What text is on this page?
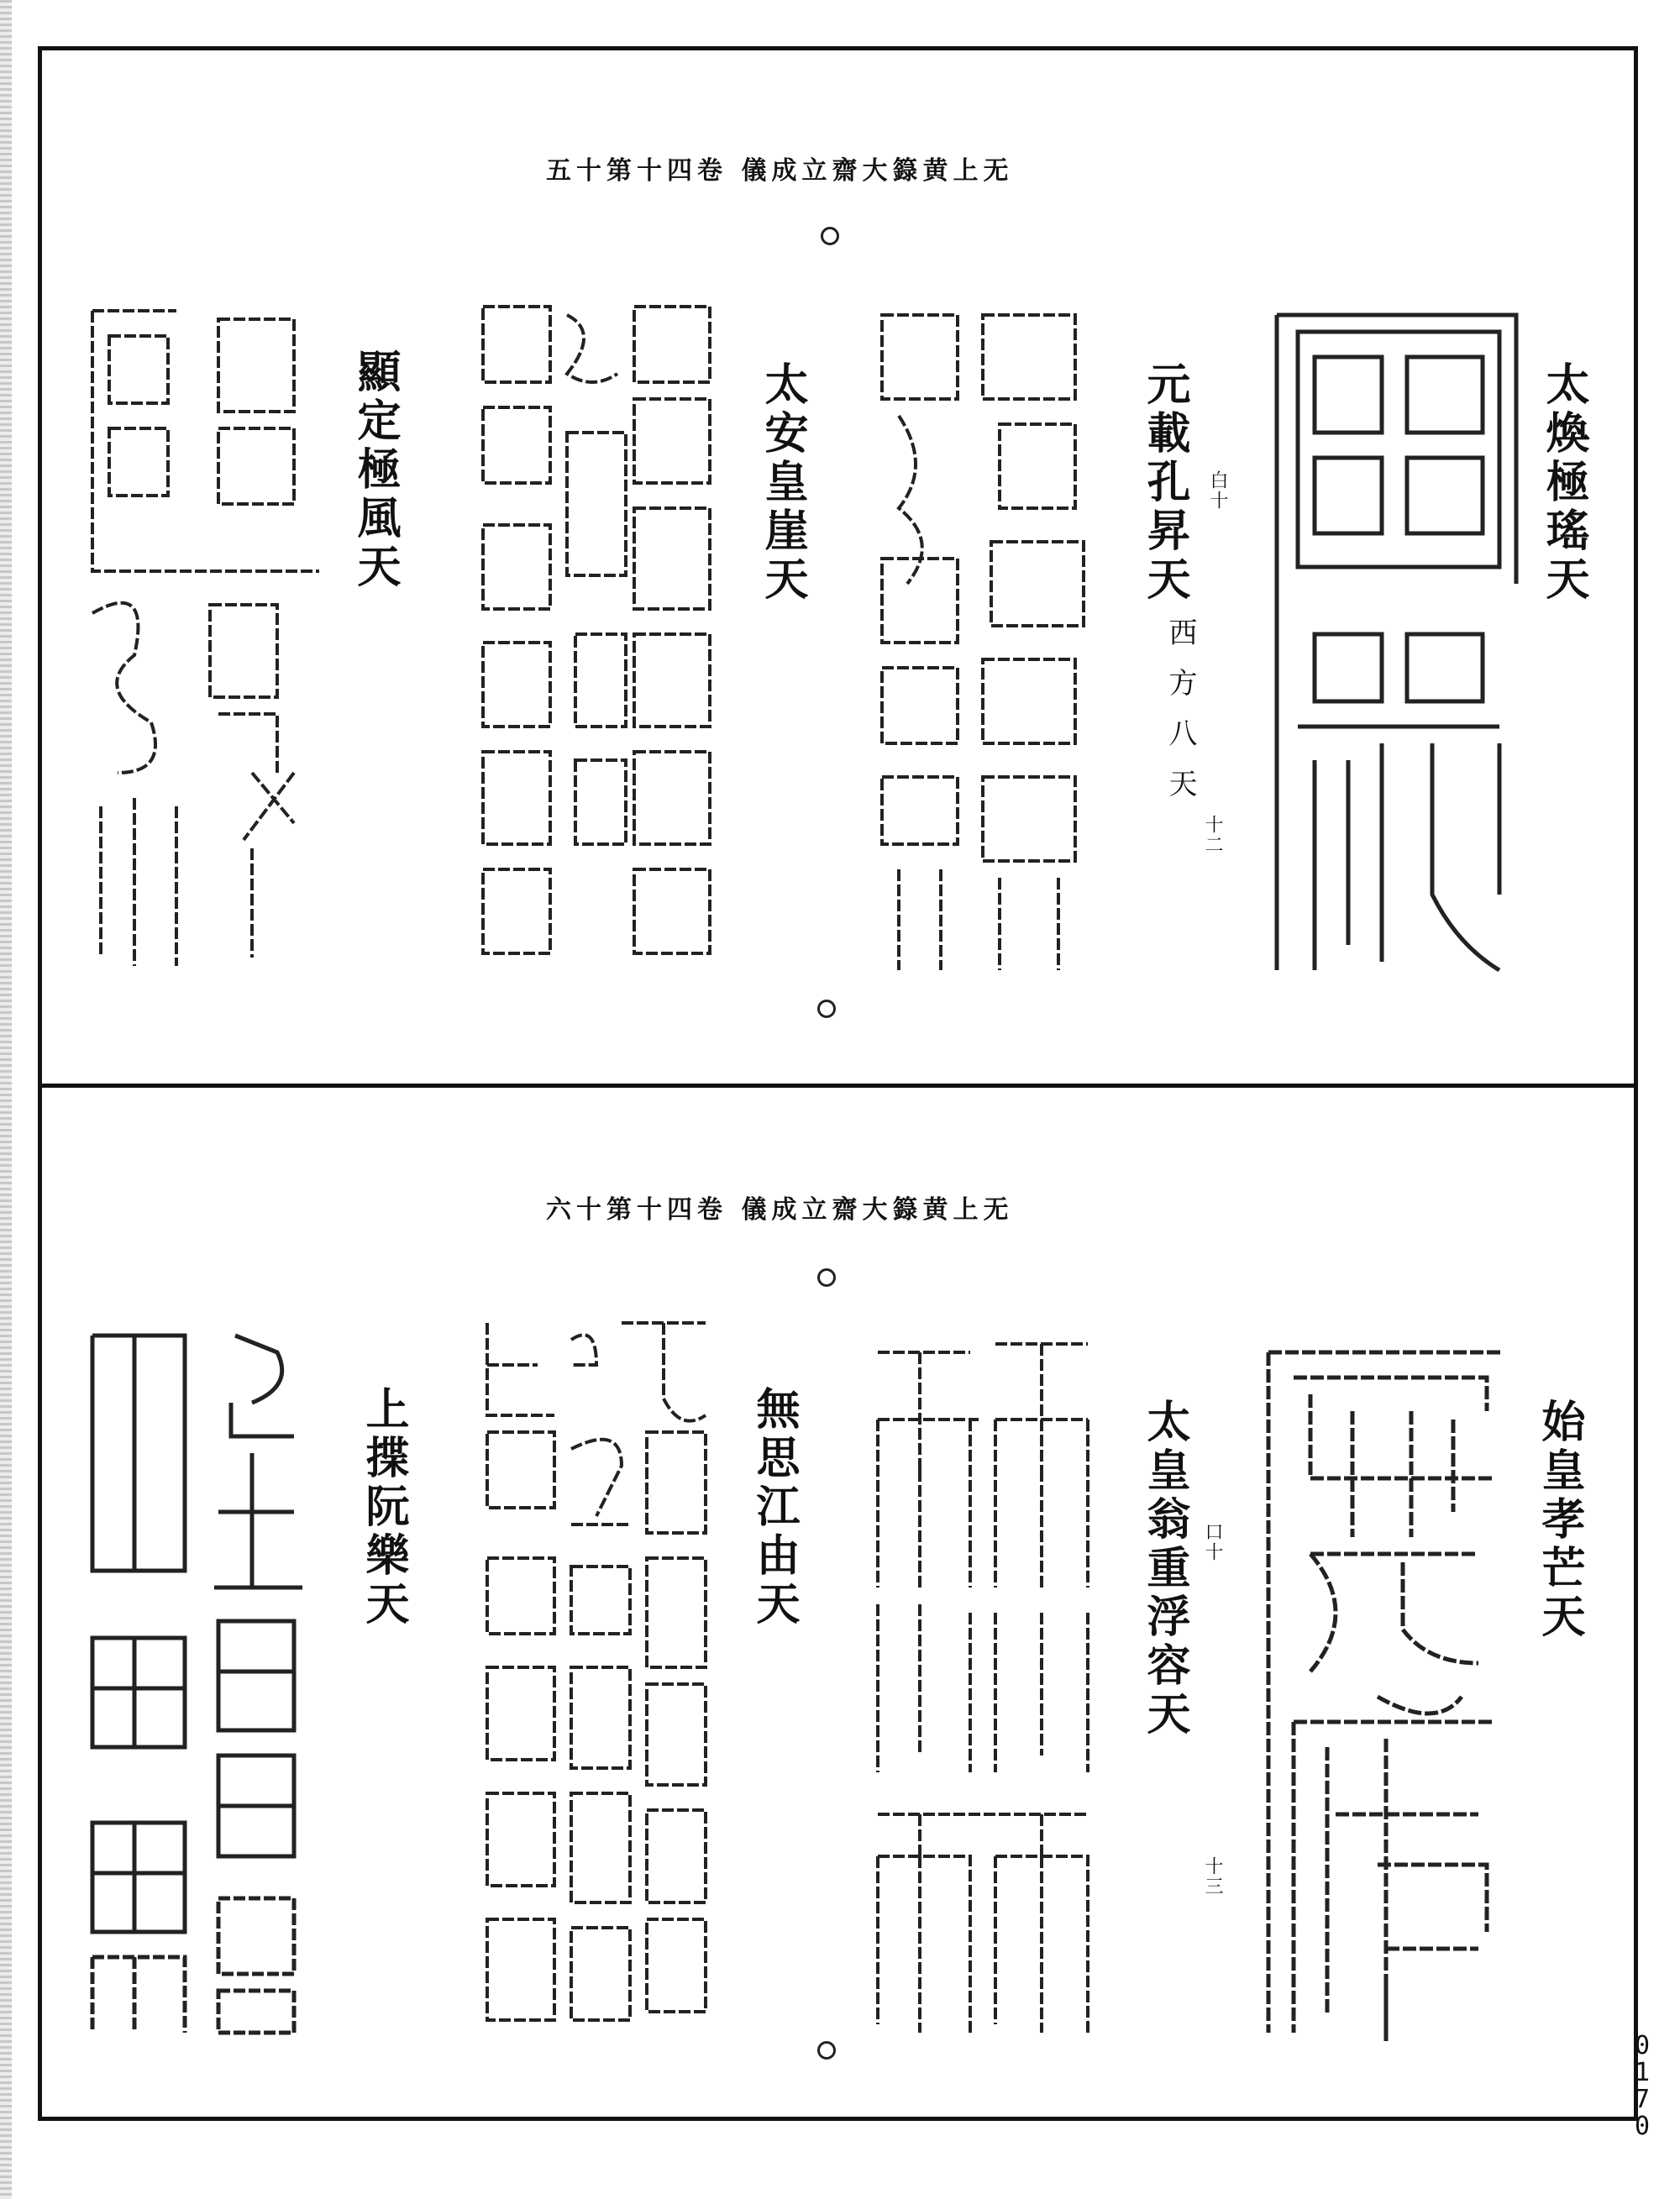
无上黄籙大齋立成儀 卷四十第十五
太煥極瑤天
元載孔昇天
太安皇崖天
顯定極風天	白十
西方八天
十二
无上黄籙大齋立成儀 卷四十第十六
始皇孝芒天
太皇翁重浮容天
無思江由天
上揲阮樂天	口十
十三
0
1
7
0
